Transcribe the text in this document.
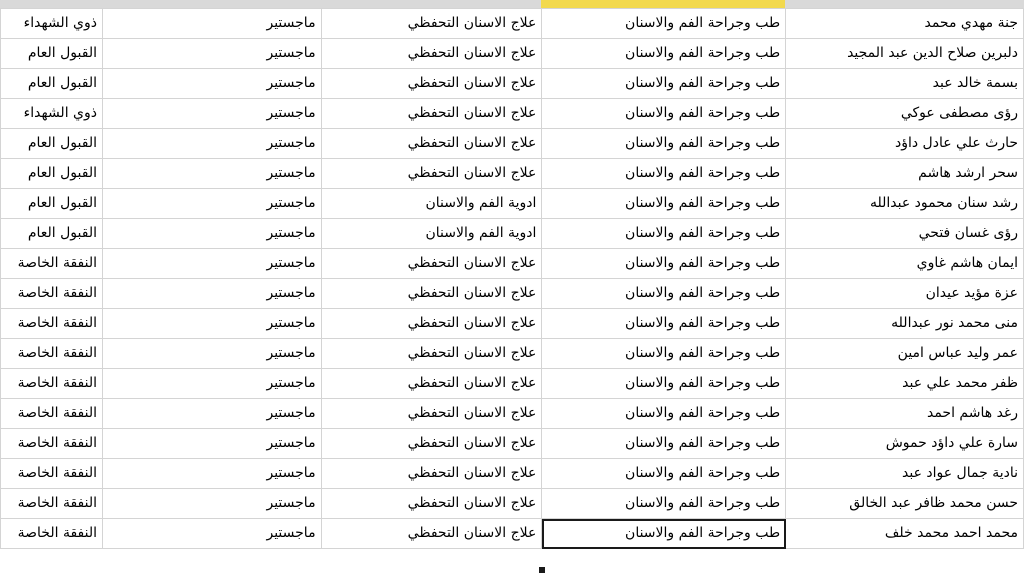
جنة مهدي محمد	طب وجراحة الفم والاسنان	علاج الاسنان التحفظي	ماجستير	ذوي الشهداء
دلبرين صلاح الدين عبد المجيد	طب وجراحة الفم والاسنان	علاج الاسنان التحفظي	ماجستير	القبول العام
بسمة خالد عبد	طب وجراحة الفم والاسنان	علاج الاسنان التحفظي	ماجستير	القبول العام
رؤى مصطفى عوكي	طب وجراحة الفم والاسنان	علاج الاسنان التحفظي	ماجستير	ذوي الشهداء
حارث علي عادل داؤد	طب وجراحة الفم والاسنان	علاج الاسنان التحفظي	ماجستير	القبول العام
سحر ارشد هاشم	طب وجراحة الفم والاسنان	علاج الاسنان التحفظي	ماجستير	القبول العام
رشد سنان محمود عبدالله	طب وجراحة الفم والاسنان	ادوية الفم والاسنان	ماجستير	القبول العام
رؤى غسان فتحي	طب وجراحة الفم والاسنان	ادوية الفم والاسنان	ماجستير	القبول العام
ايمان هاشم غاوي	طب وجراحة الفم والاسنان	علاج الاسنان التحفظي	ماجستير	النفقة الخاصة
عزة مؤيد عيدان	طب وجراحة الفم والاسنان	علاج الاسنان التحفظي	ماجستير	النفقة الخاصة
منى محمد نور عبدالله	طب وجراحة الفم والاسنان	علاج الاسنان التحفظي	ماجستير	النفقة الخاصة
عمر وليد عباس امين	طب وجراحة الفم والاسنان	علاج الاسنان التحفظي	ماجستير	النفقة الخاصة
ظفر محمد علي عبد	طب وجراحة الفم والاسنان	علاج الاسنان التحفظي	ماجستير	النفقة الخاصة
رغد هاشم احمد	طب وجراحة الفم والاسنان	علاج الاسنان التحفظي	ماجستير	النفقة الخاصة
سارة علي داؤد حموش	طب وجراحة الفم والاسنان	علاج الاسنان التحفظي	ماجستير	النفقة الخاصة
نادية جمال عواد عبد	طب وجراحة الفم والاسنان	علاج الاسنان التحفظي	ماجستير	النفقة الخاصة
حسن محمد ظافر عبد الخالق	طب وجراحة الفم والاسنان	علاج الاسنان التحفظي	ماجستير	النفقة الخاصة
محمد احمد محمد خلف	طب وجراحة الفم والاسنان	علاج الاسنان التحفظي	ماجستير	النفقة الخاصة
